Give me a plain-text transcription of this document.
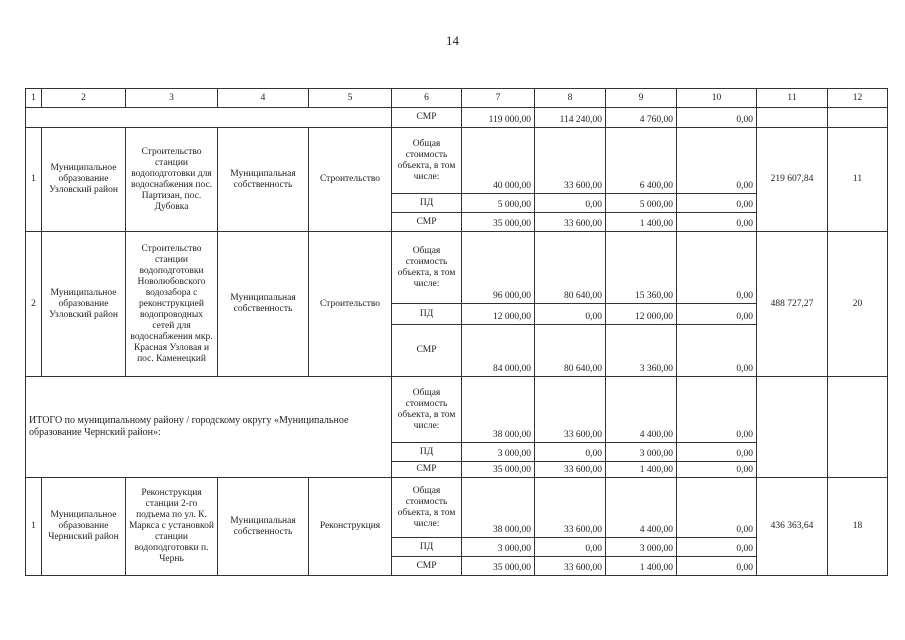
14
1	2	3	4	5	6	7	8	9	10	11	12
					СМР	119 000,00	114 240,00	4 760,00	0,00		
1	Муниципальное образование Узловский район	Строительство станции водоподготовки для водоснабжения пос. Партизан, пос. Дубовка	Муниципальная собственность	Строительство	Общая стоимость объекта, в том числе:	40 000,00	33 600,00	6 400,00	0,00	219 607,84	11
					ПД	5 000,00	0,00	5 000,00	0,00		
					СМР	35 000,00	33 600,00	1 400,00	0,00		
2	Муниципальное образование Узловский район	Строительство станции водоподготовки Новолюбовского водозабора с реконструкцией водопроводных сетей для водоснабжения мкр. Красная Узловая и пос. Каменецкий	Муниципальная собственность	Строительство	Общая стоимость объекта, в том числе:	96 000,00	80 640,00	15 360,00	0,00	488 727,27	20
					ПД	12 000,00	0,00	12 000,00	0,00		
					СМР	84 000,00	80 640,00	3 360,00	0,00		
ИТОГО по муниципальному району / городскому округу «Муниципальное образование Чернский район»:					Общая стоимость объекта, в том числе:	38 000,00	33 600,00	4 400,00	0,00		
					ПД	3 000,00	0,00	3 000,00	0,00		
					СМР	35 000,00	33 600,00	1 400,00	0,00		
1	Муниципальное образование Черниский район	Реконструкция станции 2-го подъема по ул. К. Маркса с установкой станции водоподготовки п. Чернь	Муниципальная собственность	Реконструкция	Общая стоимость объекта, в том числе:	38 000,00	33 600,00	4 400,00	0,00	436 363,64	18
					ПД	3 000,00	0,00	3 000,00	0,00		
					СМР	35 000,00	33 600,00	1 400,00	0,00		
